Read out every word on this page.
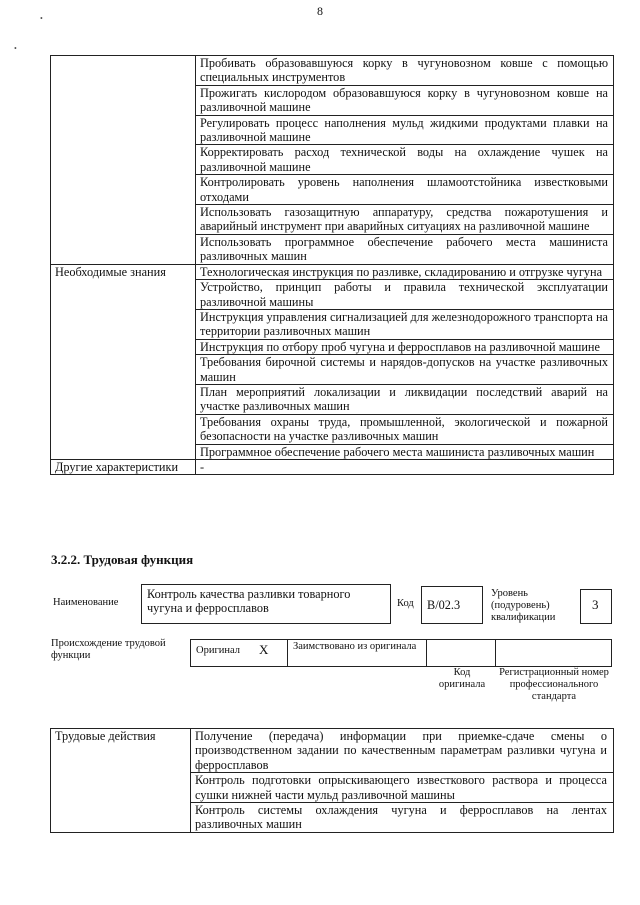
8
•
•
	Пробивать образовавшуюся корку в чугуновозном ковше с помощью специальных инструментов
	Прожигать кислородом образовавшуюся корку в чугуновозном ковше на разливочной машине
	Регулировать процесс наполнения мульд жидкими продуктами плавки на разливочной машине
	Корректировать расход технической воды на охлаждение чушек на разливочной машине
	Контролировать уровень наполнения шламоотстойника известковыми отходами
	Использовать газозащитную аппаратуру, средства пожаротушения и аварийный инструмент при аварийных ситуациях на разливочной машине
	Использовать программное обеспечение рабочего места машиниста разливочных машин
Необходимые знания	Технологическая инструкция по разливке, складированию и отгрузке чугуна
	Устройство, принцип работы и правила технической эксплуатации разливочной машины
	Инструкция управления сигнализацией для железнодорожного транспорта на территории разливочных машин
	Инструкция по отбору проб чугуна и ферросплавов на разливочной машине
	Требования бирочной системы и нарядов-допусков на участке разливочных машин
	План мероприятий локализации и ликвидации последствий аварий на участке разливочных машин
	Требования охраны труда, промышленной, экологической и пожарной безопасности на участке разливочных машин
	Программное обеспечение рабочего места машиниста разливочных машин
Другие характеристики	-
3.2.2. Трудовая функция
Наименование
Контроль качества разливки товарного чугуна и ферросплавов	Код В/02.3
Уровень (подуровень) квалификации
3
Происхождение трудовой функции	Оригинал X Заимствовано из оригинала
Код оригинала
Регистрационный номер профессионального стандарта
Трудовые действия	Получение (передача) информации при приемке-сдаче смены о производственном задании по качественным параметрам разливки чугуна и ферросплавов
Контроль подготовки опрыскивающего известкового раствора и процесса сушки нижней части мульд разливочной машины
Контроль системы охлаждения чугуна и ферросплавов на лентах разливочных машин
